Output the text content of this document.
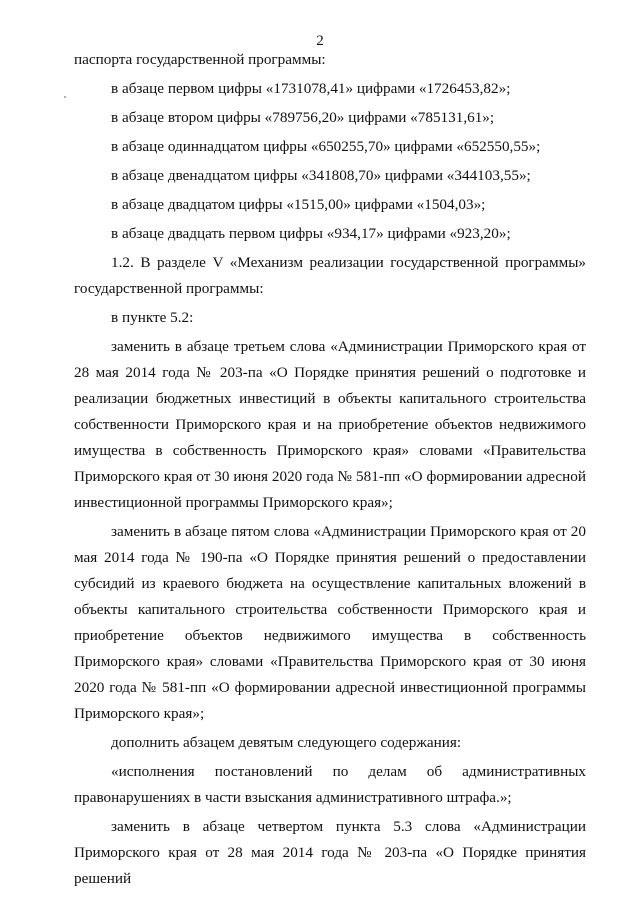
2

паспорта государственной программы:

в абзаце первом цифры «1731078,41» цифрами «1726453,82»;

в абзаце втором цифры «789756,20» цифрами «785131,61»;

в абзаце одиннадцатом цифры «650255,70» цифрами «652550,55»;

в абзаце двенадцатом цифры «341808,70» цифрами «344103,55»;

в абзаце двадцатом цифры «1515,00» цифрами «1504,03»;

в абзаце двадцать первом цифры «934,17» цифрами «923,20»;

1.2. В разделе V «Механизм реализации государственной программы» государственной программы:

в пункте 5.2:

заменить в абзаце третьем слова «Администрации Приморского края от 28 мая 2014 года № 203-па «О Порядке принятия решений о подготовке и реализации бюджетных инвестиций в объекты капитального строительства собственности Приморского края и на приобретение объектов недвижимого имущества в собственность Приморского края» словами «Правительства Приморского края от 30 июня 2020 года № 581-пп «О формировании адресной инвестиционной программы Приморского края»;

заменить в абзаце пятом слова «Администрации Приморского края от 20 мая 2014 года № 190-па «О Порядке принятия решений о предоставлении субсидий из краевого бюджета на осуществление капитальных вложений в объекты капитального строительства собственности Приморского края и приобретение объектов недвижимого имущества в собственность Приморского края» словами «Правительства Приморского края от 30 июня 2020 года № 581-пп «О формировании адресной инвестиционной программы Приморского края»;

дополнить абзацем девятым следующего содержания:

«исполнения постановлений по делам об административных правонарушениях в части взыскания административного штрафа.»;

заменить в абзаце четвертом пункта 5.3 слова «Администрации Приморского края от 28 мая 2014 года № 203-па «О Порядке принятия решений
